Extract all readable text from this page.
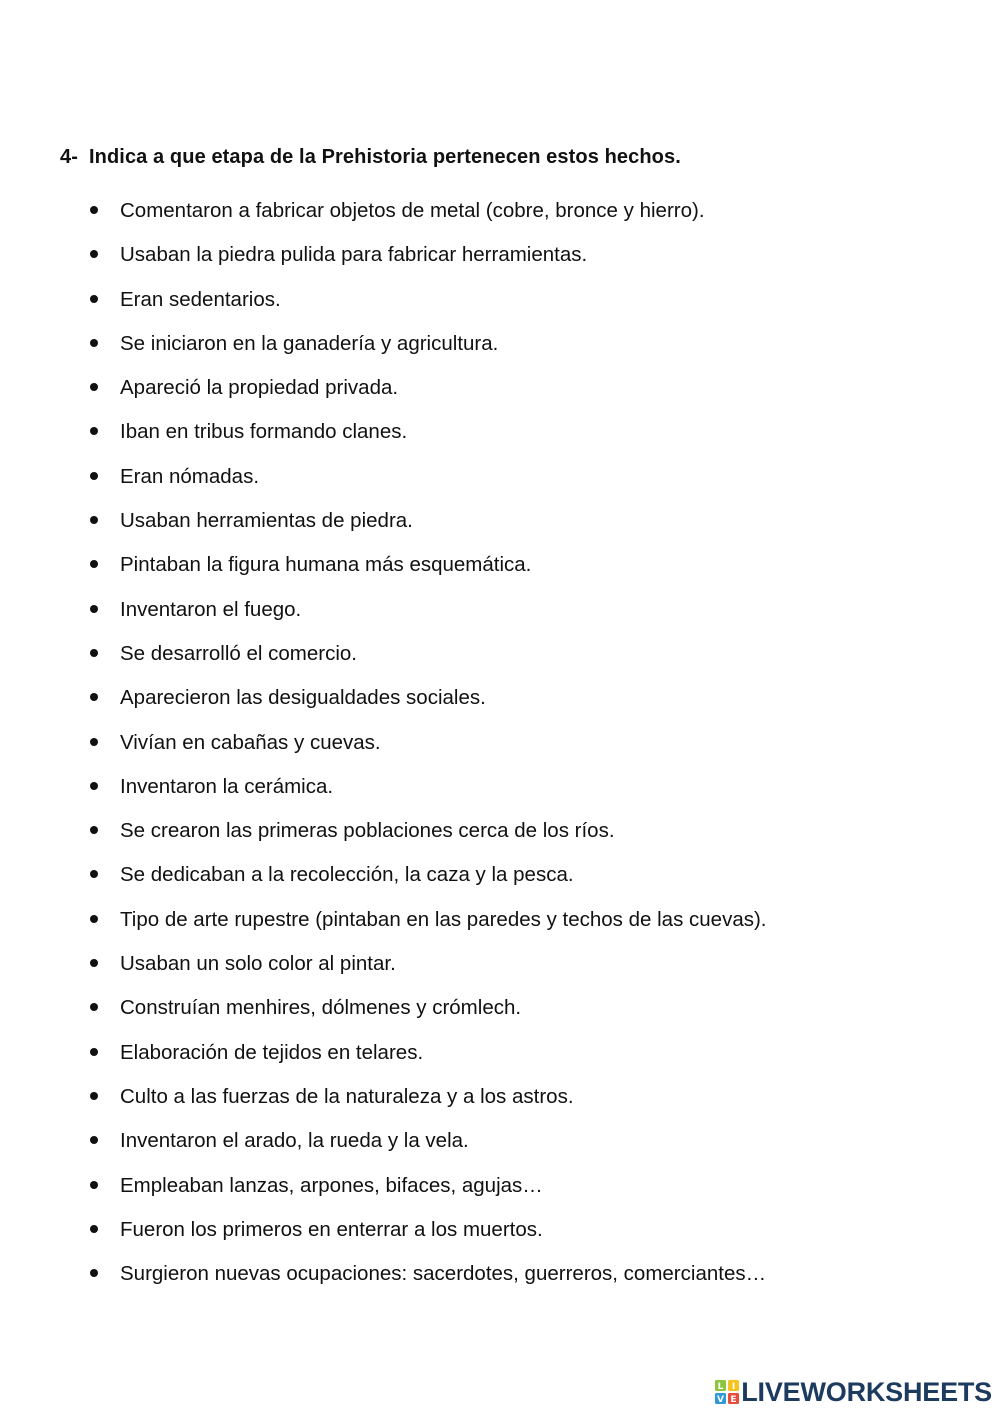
4- Indica a que etapa de la Prehistoria pertenecen estos hechos.
Comentaron a fabricar objetos de metal (cobre, bronce y hierro).
Usaban la piedra pulida para fabricar herramientas.
Eran sedentarios.
Se iniciaron en la ganadería y agricultura.
Apareció la propiedad privada.
Iban en tribus formando clanes.
Eran nómadas.
Usaban herramientas de piedra.
Pintaban la figura humana más esquemática.
Inventaron el fuego.
Se desarrolló el comercio.
Aparecieron las desigualdades sociales.
Vivían en cabañas y cuevas.
Inventaron la cerámica.
Se crearon las primeras poblaciones cerca de los ríos.
Se dedicaban a la recolección, la caza y la pesca.
Tipo de arte rupestre (pintaban en las paredes y techos de las cuevas).
Usaban un solo color al pintar.
Construían menhires, dólmenes y crómlech.
Elaboración de tejidos en telares.
Culto a las fuerzas de la naturaleza y a los astros.
Inventaron el arado, la rueda y la vela.
Empleaban lanzas, arpones, bifaces, agujas…
Fueron los primeros en enterrar a los muertos.
Surgieron nuevas ocupaciones: sacerdotes, guerreros, comerciantes…
L I
V E LIVEWORKSHEETS
